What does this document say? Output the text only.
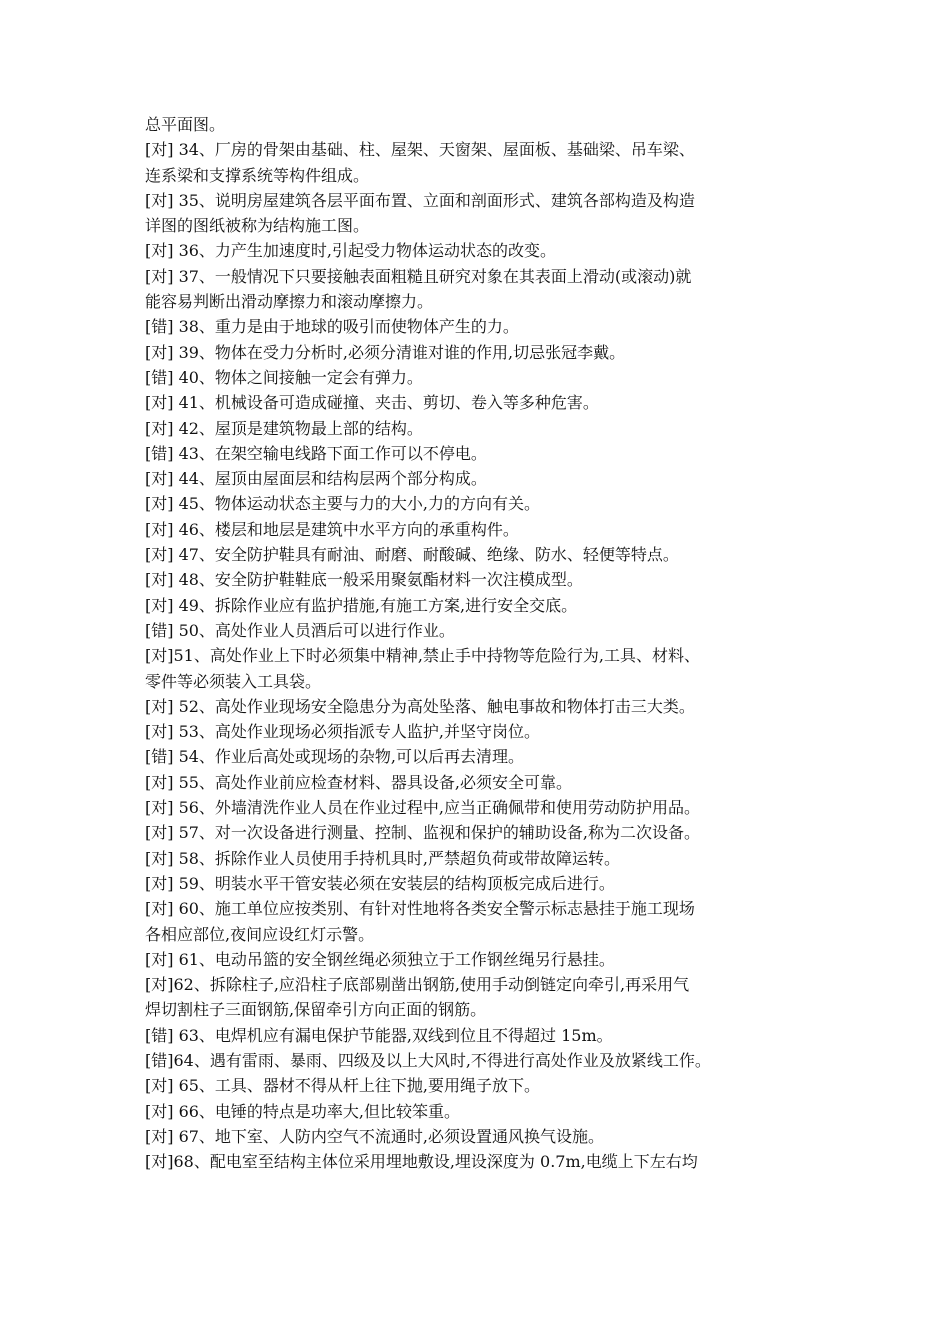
总平面图。
[对] 34、厂房的骨架由基础、柱、屋架、天窗架、屋面板、基础梁、吊车梁、
连系梁和支撑系统等构件组成。
[对] 35、说明房屋建筑各层平面布置、立面和剖面形式、建筑各部构造及构造
详图的图纸被称为结构施工图。
[对] 36、力产生加速度时,引起受力物体运动状态的改变。
[对] 37、一般情况下只要接触表面粗糙且研究对象在其表面上滑动(或滚动)就
能容易判断出滑动摩擦力和滚动摩擦力。
[错] 38、重力是由于地球的吸引而使物体产生的力。
[对] 39、物体在受力分析时,必须分清谁对谁的作用,切忌张冠李戴。
[错] 40、物体之间接触一定会有弹力。
[对] 41、机械设备可造成碰撞、夹击、剪切、卷入等多种危害。
[对] 42、屋顶是建筑物最上部的结构。
[错] 43、在架空输电线路下面工作可以不停电。
[对] 44、屋顶由屋面层和结构层两个部分构成。
[对] 45、物体运动状态主要与力的大小,力的方向有关。
[对] 46、楼层和地层是建筑中水平方向的承重构件。
[对] 47、安全防护鞋具有耐油、耐磨、耐酸碱、绝缘、防水、轻便等特点。
[对] 48、安全防护鞋鞋底一般采用聚氨酯材料一次注模成型。
[对] 49、拆除作业应有监护措施,有施工方案,进行安全交底。
[错] 50、高处作业人员酒后可以进行作业。
[对]51、高处作业上下时必须集中精神,禁止手中持物等危险行为,工具、材料、
零件等必须装入工具袋。
[对] 52、高处作业现场安全隐患分为高处坠落、触电事故和物体打击三大类。
[对] 53、高处作业现场必须指派专人监护,并坚守岗位。
[错] 54、作业后高处或现场的杂物,可以后再去清理。
[对] 55、高处作业前应检查材料、器具设备,必须安全可靠。
[对] 56、外墙清洗作业人员在作业过程中,应当正确佩带和使用劳动防护用品。
[对] 57、对一次设备进行测量、控制、监视和保护的辅助设备,称为二次设备。
[对] 58、拆除作业人员使用手持机具时,严禁超负荷或带故障运转。
[对] 59、明装水平干管安装必须在安装层的结构顶板完成后进行。
[对] 60、施工单位应按类别、有针对性地将各类安全警示标志悬挂于施工现场
各相应部位,夜间应设红灯示警。
[对] 61、电动吊篮的安全钢丝绳必须独立于工作钢丝绳另行悬挂。
[对]62、拆除柱子,应沿柱子底部剔凿出钢筋,使用手动倒链定向牵引,再采用气
焊切割柱子三面钢筋,保留牵引方向正面的钢筋。
[错] 63、电焊机应有漏电保护节能器,双线到位且不得超过 15m。
[错]64、遇有雷雨、暴雨、四级及以上大风时,不得进行高处作业及放紧线工作。
[对] 65、工具、器材不得从杆上往下抛,要用绳子放下。
[对] 66、电锤的特点是功率大,但比较笨重。
[对] 67、地下室、人防内空气不流通时,必须设置通风换气设施。
[对]68、配电室至结构主体位采用埋地敷设,埋设深度为 0.7m,电缆上下左右均
